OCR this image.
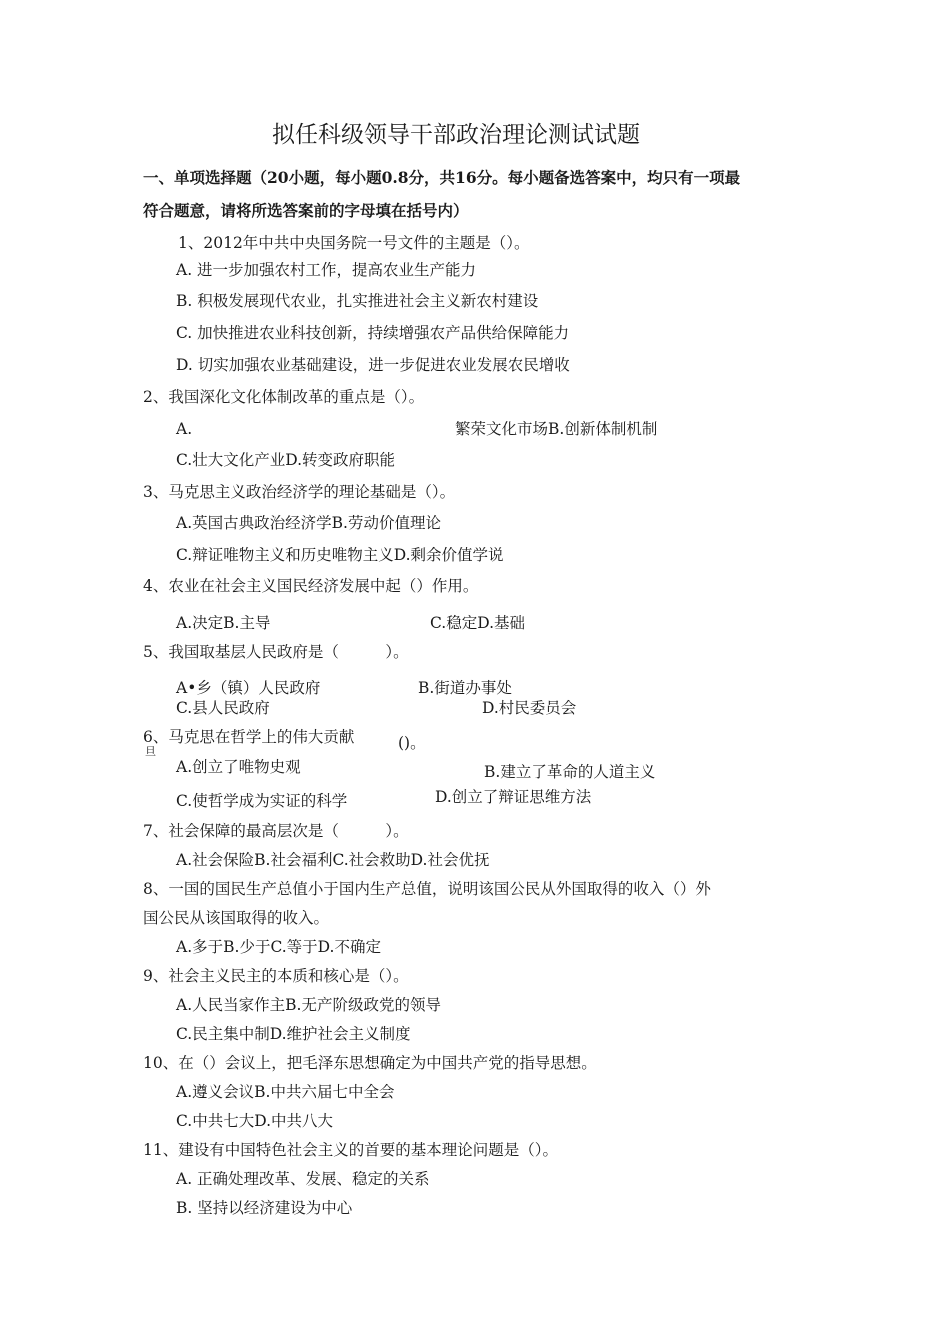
拟任科级领导干部政治理论测试试题
一、单项选择题（20小题，每小题0.8分，共16分。每小题备选答案中，均只有一项最
符合题意，请将所选答案前的字母填在括号内）
1、2012年中共中央国务院一号文件的主题是（）。
A. 进一步加强农村工作，提高农业生产能力
B. 积极发展现代农业，扎实推进社会主义新农村建设
C. 加快推进农业科技创新，持续增强农产品供给保障能力
D. 切实加强农业基础建设，进一步促进农业发展农民增收
2、我国深化文化体制改革的重点是（）。
A.	繁荣文化市场B.创新体制机制
C.壮大文化产业D.转变政府职能
3、马克思主义政治经济学的理论基础是（）。
A.英国古典政治经济学B.劳动价值理论
C.辩证唯物主义和历史唯物主义D.剩余价值学说
4、农业在社会主义国民经济发展中起（）作用。
A.决定B.主导	C.稳定D.基础
5、我国取基层人民政府是（　　　）。
A•乡（镇）人民政府	B.街道办事处
C.县人民政府	D.村民委员会
6、马克思在哲学上的伟大贡献	()。
旦
A.创立了唯物史观	B.建立了革命的人道主义
D.创立了辩证思维方法
C.使哲学成为实证的科学
7、社会保障的最高层次是（　　　）。
A.社会保险B.社会福利C.社会救助D.社会优抚
8、一国的国民生产总值小于国内生产总值，说明该国公民从外国取得的收入（）外
国公民从该国取得的收入。
A.多于B.少于C.等于D.不确定
9、社会主义民主的本质和核心是（）。
A.人民当家作主B.无产阶级政党的领导
C.民主集中制D.维护社会主义制度
10、在（）会议上，把毛泽东思想确定为中国共产党的指导思想。
A.遵义会议B.中共六届七中全会
C.中共七大D.中共八大
11、建设有中国特色社会主义的首要的基本理论问题是（）。
A. 正确处理改革、发展、稳定的关系
B. 坚持以经济建设为中心
